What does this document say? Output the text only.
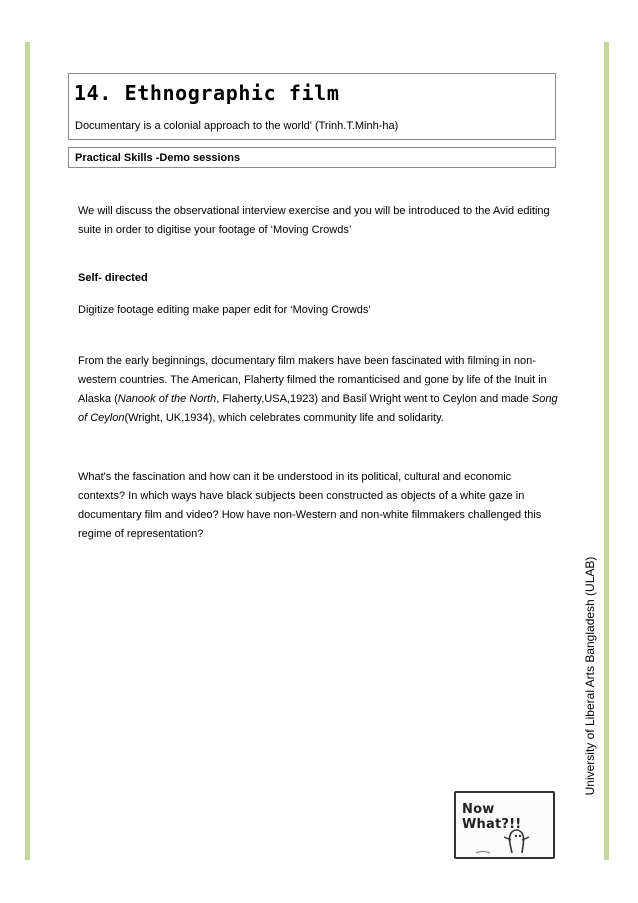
14. Ethnographic film
Documentary is a colonial approach to the world' (Trinh.T.Minh-ha)
Practical Skills -Demo sessions

We will discuss the observational interview exercise and you will be introduced to the Avid editing suite in order to digitise your footage of ‘Moving Crowds’

Self- directed

Digitize footage editing make paper edit for ‘Moving Crowds’

From the early beginnings, documentary film makers have been fascinated with filming in non-western countries. The American, Flaherty filmed the romanticised and gone by life of the Inuit in Alaska (Nanook of the North, Flaherty,USA,1923) and Basil Wright went to Ceylon and made Song of Ceylon(Wright, UK,1934), which celebrates community life and solidarity.

What's the fascination and how can it be understood in its political, cultural and economic contexts? In which ways have black subjects been constructed as objects of a white gaze in documentary film and video? How have non-Western and non-white filmmakers challenged this regime of representation?

University of Liberal Arts Bangladesh (ULAB)
Now What?!!
